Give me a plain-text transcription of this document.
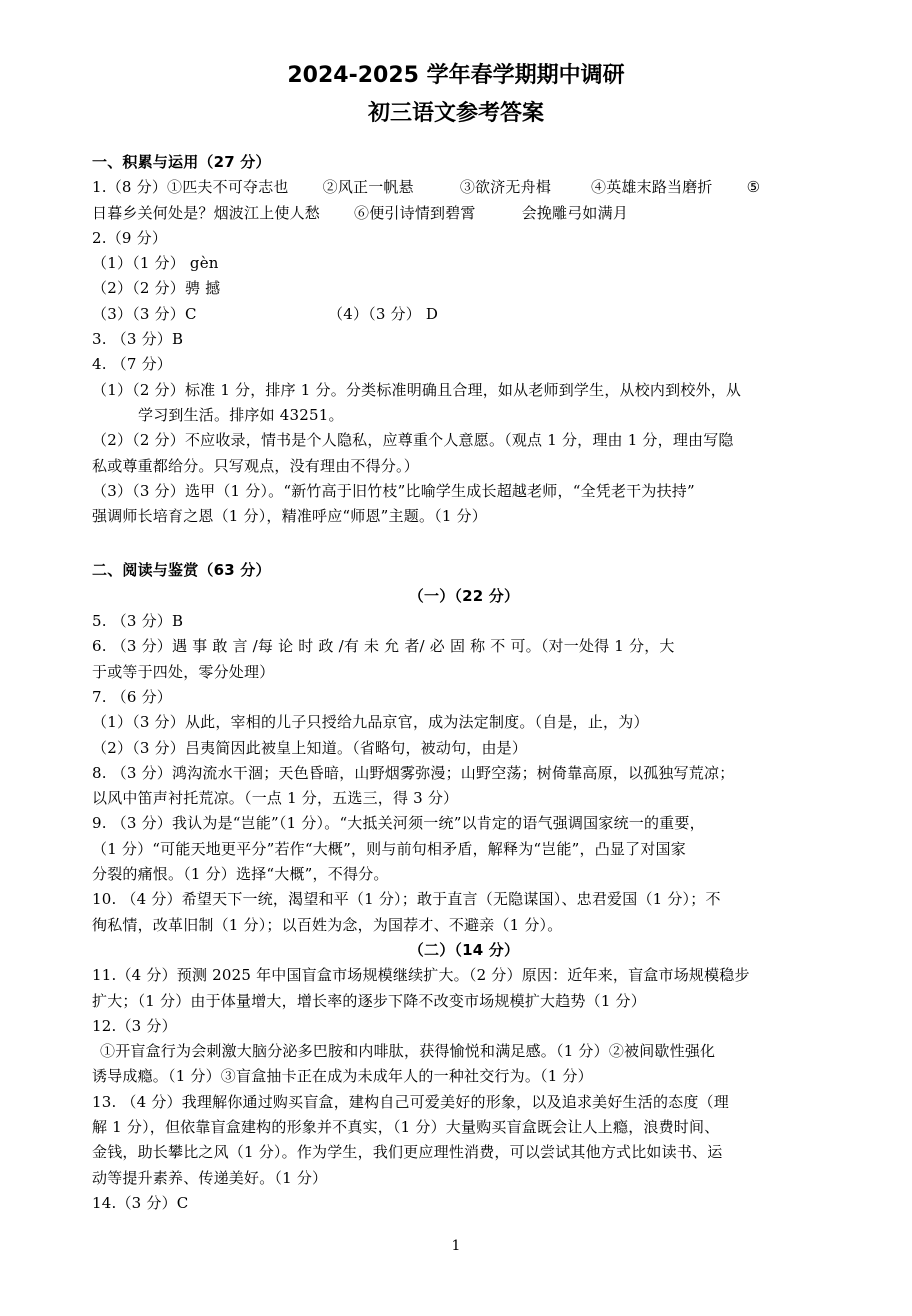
2024-2025 学年春学期期中调研
初三语文参考答案

一、积累与运用（27 分）

1.（8 分）①匹夫不可夺志也 ②风正一帆悬	③欲济无舟楫	④英雄末路当磨折 ⑤

日暮乡关何处是？烟波江上使人愁 ⑥便引诗情到碧霄	会挽雕弓如满月

2.（9 分）

（1）（1 分） gèn

（2）（2 分）骋 撼

（3）（3 分）C	（4）（3 分） D

3. （3 分）B

4. （7 分）

（1）（2 分）标准 1 分，排序 1 分。分类标准明确且合理，如从老师到学生，从校内到校外，从

学习到生活。排序如 43251。

（2）（2 分）不应收录，情书是个人隐私，应尊重个人意愿。（观点 1 分，理由 1 分，理由写隐

私或尊重都给分。只写观点，没有理由不得分。）

（3）（3 分）选甲（1 分）。“新竹高于旧竹枝”比喻学生成长超越老师，“全凭老干为扶持”

强调师长培育之恩（1 分），精准呼应“师恩”主题。（1 分）

二、阅读与鉴赏（63 分）

（一）（22 分）

5. （3 分）B

6. （3 分）遇 事 敢 言 /每 论 时 政 /有 未 允 者/ 必 固 称 不 可。（对一处得 1 分，大

于或等于四处，零分处理）

7. （6 分）

（1）（3 分）从此，宰相的儿子只授给九品京官，成为法定制度。（自是，止，为）

（2）（3 分）吕夷简因此被皇上知道。（省略句，被动句，由是）

8. （3 分）鸿沟流水干涸；天色昏暗，山野烟雾弥漫；山野空荡；树倚靠高原，以孤独写荒凉；

以风中笛声衬托荒凉。（一点 1 分，五选三，得 3 分）

9. （3 分）我认为是“岂能”（1 分）。“大抵关河须一统”以肯定的语气强调国家统一的重要，

（1 分）“可能天地更平分”若作“大概”，则与前句相矛盾，解释为“岂能”，凸显了对国家

分裂的痛恨。（1 分）选择“大概”，不得分。

10. （4 分）希望天下一统，渴望和平（1 分）；敢于直言（无隐谋国）、忠君爱国（1 分）；不

徇私情，改革旧制（1 分）；以百姓为念，为国荐才、不避亲（1 分）。

（二）（14 分）

11.（4 分）预测 2025 年中国盲盒市场规模继续扩大。（2 分）原因：近年来，盲盒市场规模稳步

扩大；（1 分）由于体量增大，增长率的逐步下降不改变市场规模扩大趋势（1 分）

12.（3 分）

①开盲盒行为会刺激大脑分泌多巴胺和内啡肽，获得愉悦和满足感。（1 分）②被间歇性强化

诱导成瘾。（1 分）③盲盒抽卡正在成为未成年人的一种社交行为。（1 分）

13. （4 分）我理解你通过购买盲盒，建构自己可爱美好的形象，以及追求美好生活的态度（理

解 1 分），但依靠盲盒建构的形象并不真实，（1 分）大量购买盲盒既会让人上瘾，浪费时间、

金钱，助长攀比之风（1 分）。作为学生，我们更应理性消费，可以尝试其他方式比如读书、运

动等提升素养、传递美好。（1 分）

14.（3 分）C

1
